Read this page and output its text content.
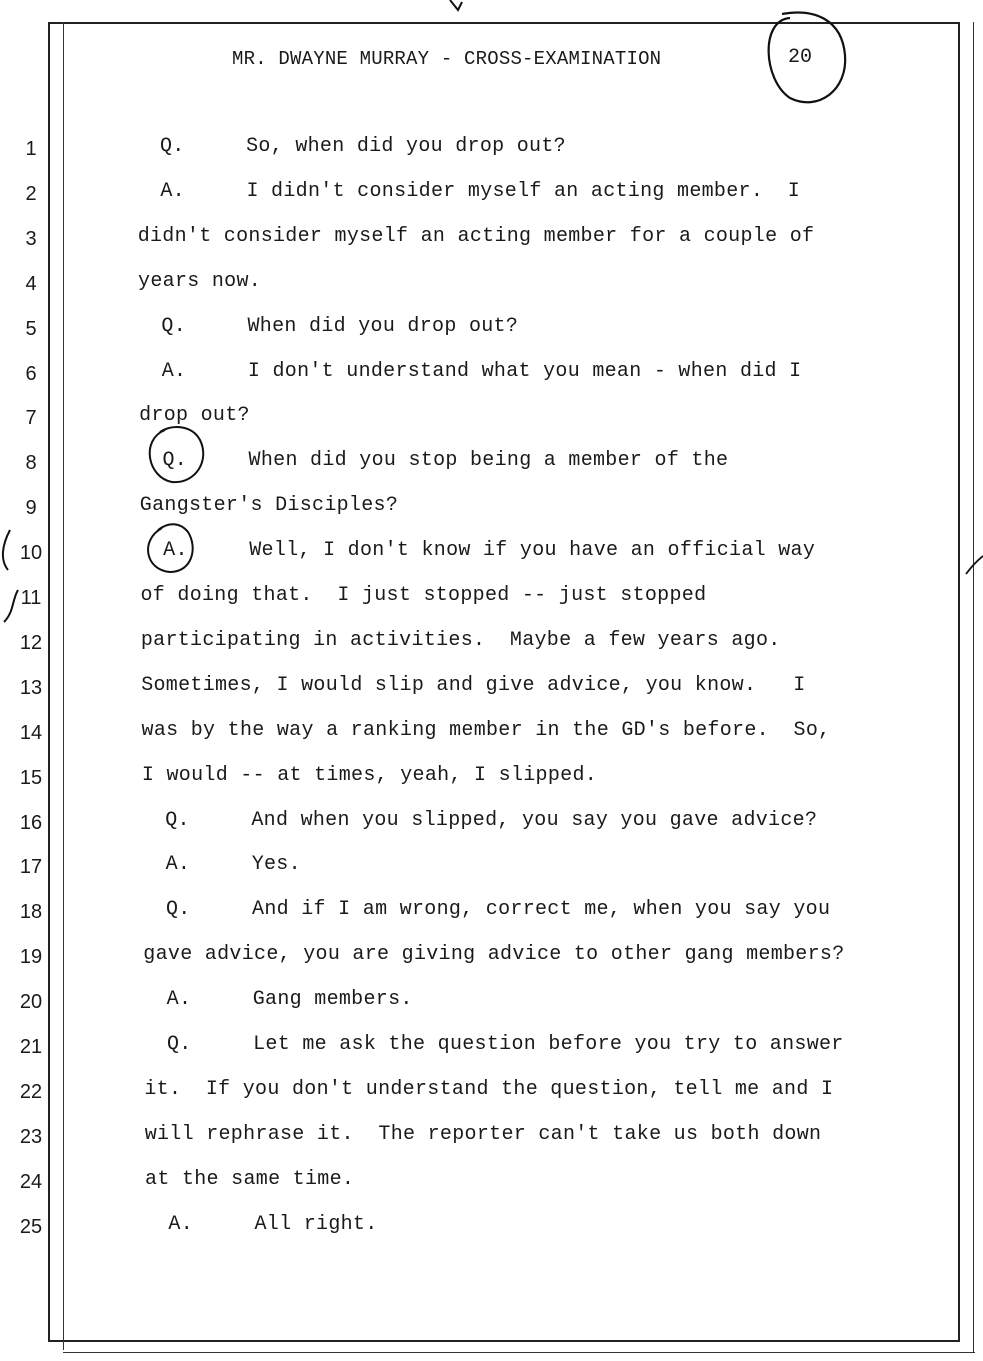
MR. DWAYNE MURRAY - CROSS-EXAMINATION	20
1	Q.     So, when did you drop out?
2	A.     I didn't consider myself an acting member.  I
3	didn't consider myself an acting member for a couple of
4	years now.
5	Q.     When did you drop out?
6	A.     I don't understand what you mean - when did I
7	drop out?
8	Q.     When did you stop being a member of the
9	Gangster's Disciples?
10	A.     Well, I don't know if you have an official way
11	of doing that.  I just stopped -- just stopped
12	participating in activities.  Maybe a few years ago.
13	Sometimes, I would slip and give advice, you know.   I
14	was by the way a ranking member in the GD's before.  So,
15	I would -- at times, yeah, I slipped.
16	Q.     And when you slipped, you say you gave advice?
17	A.     Yes.
18	Q.     And if I am wrong, correct me, when you say you
19	gave advice, you are giving advice to other gang members?
20	A.     Gang members.
21	Q.     Let me ask the question before you try to answer
22	it.  If you don't understand the question, tell me and I
23	will rephrase it.  The reporter can't take us both down
24	at the same time.
25	A.     All right.
